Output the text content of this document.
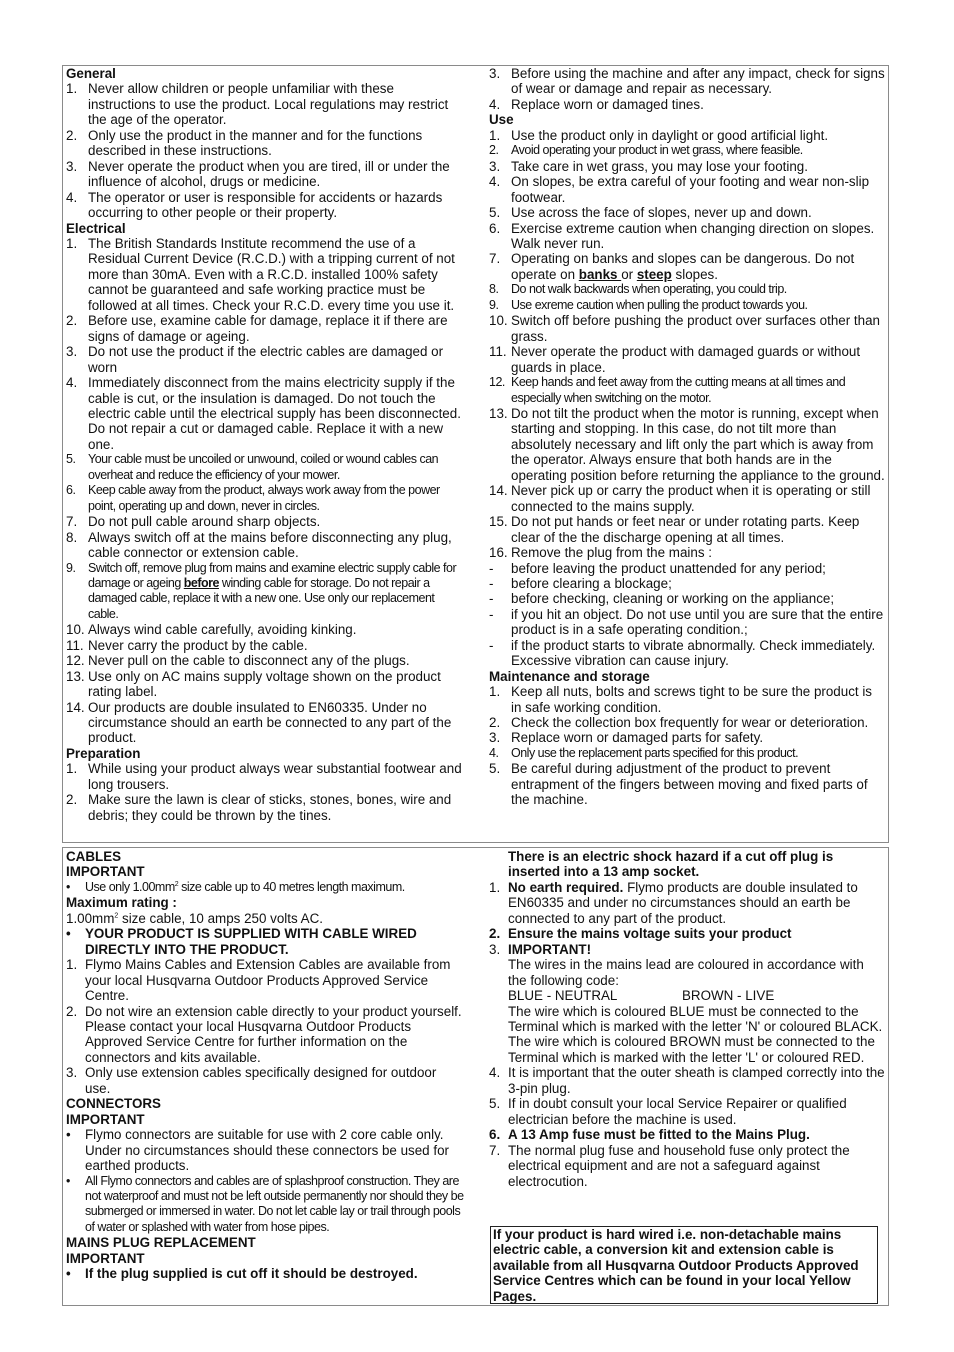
General
1. Never allow children or people unfamiliar with these instructions to use the product. Local regulations may restrict the age of the operator.
2. Only use the product in the manner and for the functions described in these instructions.
3. Never operate the product when you are tired, ill or under the influence of alcohol, drugs or medicine.
4. The operator or user is responsible for accidents or hazards occurring to other people or their property.
Electrical
1. The British Standards Institute recommend the use of a Residual Current Device (R.C.D.) with a tripping current of not more than 30mA. Even with a R.C.D. installed 100% safety cannot be guaranteed and safe working practice must be followed at all times. Check your R.C.D. every time you use it.
2. Before use, examine cable for damage, replace it if there are signs of damage or ageing.
3. Do not use the product if the electric cables are damaged or worn
4. Immediately disconnect from the mains electricity supply if the cable is cut, or the insulation is damaged. Do not touch the electric cable until the electrical supply has been disconnected. Do not repair a cut or damaged cable. Replace it with a new one.
5. Your cable must be uncoiled or unwound, coiled or wound cables can overheat and reduce the efficiency of your mower.
6. Keep cable away from the product, always work away from the power point, operating up and down, never in circles.
7. Do not pull cable around sharp objects.
8. Always switch off at the mains before disconnecting any plug, cable connector or extension cable.
9. Switch off, remove plug from mains and examine electric supply cable for damage or ageing before winding cable for storage. Do not repair a damaged cable, replace it with a new one. Use only our replacement cable.
10. Always wind cable carefully, avoiding kinking.
11. Never carry the product by the cable.
12. Never pull on the cable to disconnect any of the plugs.
13. Use only on AC mains supply voltage shown on the product rating label.
14. Our products are double insulated to EN60335. Under no circumstance should an earth be connected to any part of the product.
Preparation
1. While using your product always wear substantial footwear and long trousers.
2. Make sure the lawn is clear of sticks, stones, bones, wire and debris; they could be thrown by the tines.
3. Before using the machine and after any impact, check for signs of wear or damage and repair as necessary.
4. Replace worn or damaged tines.
Use
1. Use the product only in daylight or good artificial light.
2. Avoid operating your product in wet grass, where feasible.
3. Take care in wet grass, you may lose your footing.
4. On slopes, be extra careful of your footing and wear non-slip footwear.
5. Use across the face of slopes, never up and down.
6. Exercise extreme caution when changing direction on slopes. Walk never run.
7. Operating on banks and slopes can be dangerous. Do not operate on banks or steep slopes.
8. Do not walk backwards when operating, you could trip.
9. Use exreme caution when pulling the product towards you.
10. Switch off before pushing the product over surfaces other than grass.
11. Never operate the product with damaged guards or without guards in place.
12. Keep hands and feet away from the cutting means at all times and especially when switching on the motor.
13. Do not tilt the product when the motor is running, except when starting and stopping. In this case, do not tilt more than absolutely necessary and lift only the part which is away from the operator. Always ensure that both hands are in the operating position before returning the appliance to the ground.
14. Never pick up or carry the product when it is operating or still connected to the mains supply.
15. Do not put hands or feet near or under rotating parts. Keep clear of the the discharge opening at all times.
16. Remove the plug from the mains :
- before leaving the product unattended for any period;
- before clearing a blockage;
- before checking, cleaning or working on the appliance;
- if you hit an object. Do not use until you are sure that the entire product is in a safe operating condition.;
- if the product starts to vibrate abnormally. Check immediately. Excessive vibration can cause injury.
Maintenance and storage
1. Keep all nuts, bolts and screws tight to be sure the product is in safe working condition.
2. Check the collection box frequently for wear or deterioration.
3. Replace worn or damaged parts for safety.
4. Only use the replacement parts specified for this product.
5. Be careful during adjustment of the product to prevent entrapment of the fingers between moving and fixed parts of the machine.
CABLES
IMPORTANT
• Use only $1.00mm^2$ size cable up to 40 metres length maximum.
Maximum rating :
$1.00mm^2$ size cable, 10 amps 250 volts AC.
• YOUR PRODUCT IS SUPPLIED WITH CABLE WIRED DIRECTLY INTO THE PRODUCT.
1. Flymo Mains Cables and Extension Cables are available from your local Husqvarna Outdoor Products Approved Service Centre.
2. Do not wire an extension cable directly to your product yourself. Please contact your local Husqvarna Outdoor Products Approved Service Centre for further information on the connectors and kits available.
3. Only use extension cables specifically designed for outdoor use.
CONNECTORS
IMPORTANT
• Flymo connectors are suitable for use with 2 core cable only. Under no circumstances should these connectors be used for earthed products.
• All Flymo connectors and cables are of splashproof construction. They are not waterproof and must not be left outside permanently nor should they be submerged or immersed in water. Do not let cable lay or trail through pools of water or splashed with water from hose pipes.
MAINS PLUG REPLACEMENT
IMPORTANT
• If the plug supplied is cut off it should be destroyed.
There is an electric shock hazard if a cut off plug is inserted into a 13 amp socket.
1. No earth required. Flymo products are double insulated to EN60335 and under no circumstances should an earth be connected to any part of the product.
2. Ensure the mains voltage suits your product
3. IMPORTANT!
The wires in the mains lead are coloured in accordance with the following code:
BLUE - NEUTRAL	BROWN - LIVE
The wire which is coloured BLUE must be connected to the Terminal which is marked with the letter 'N' or coloured BLACK. The wire which is coloured BROWN must be connected to the Terminal which is marked with the letter 'L' or coloured RED.
4. It is important that the outer sheath is clamped correctly into the 3-pin plug.
5. If in doubt consult your local Service Repairer or qualified electrician before the machine is used.
6. A 13 Amp fuse must be fitted to the Mains Plug.
7. The normal plug fuse and household fuse only protect the electrical equipment and are not a safeguard against electrocution.
If your product is hard wired i.e. non-detachable mains electric cable, a conversion kit and extension cable is available from all Husqvarna Outdoor Products Approved Service Centres which can be found in your local Yellow Pages.
